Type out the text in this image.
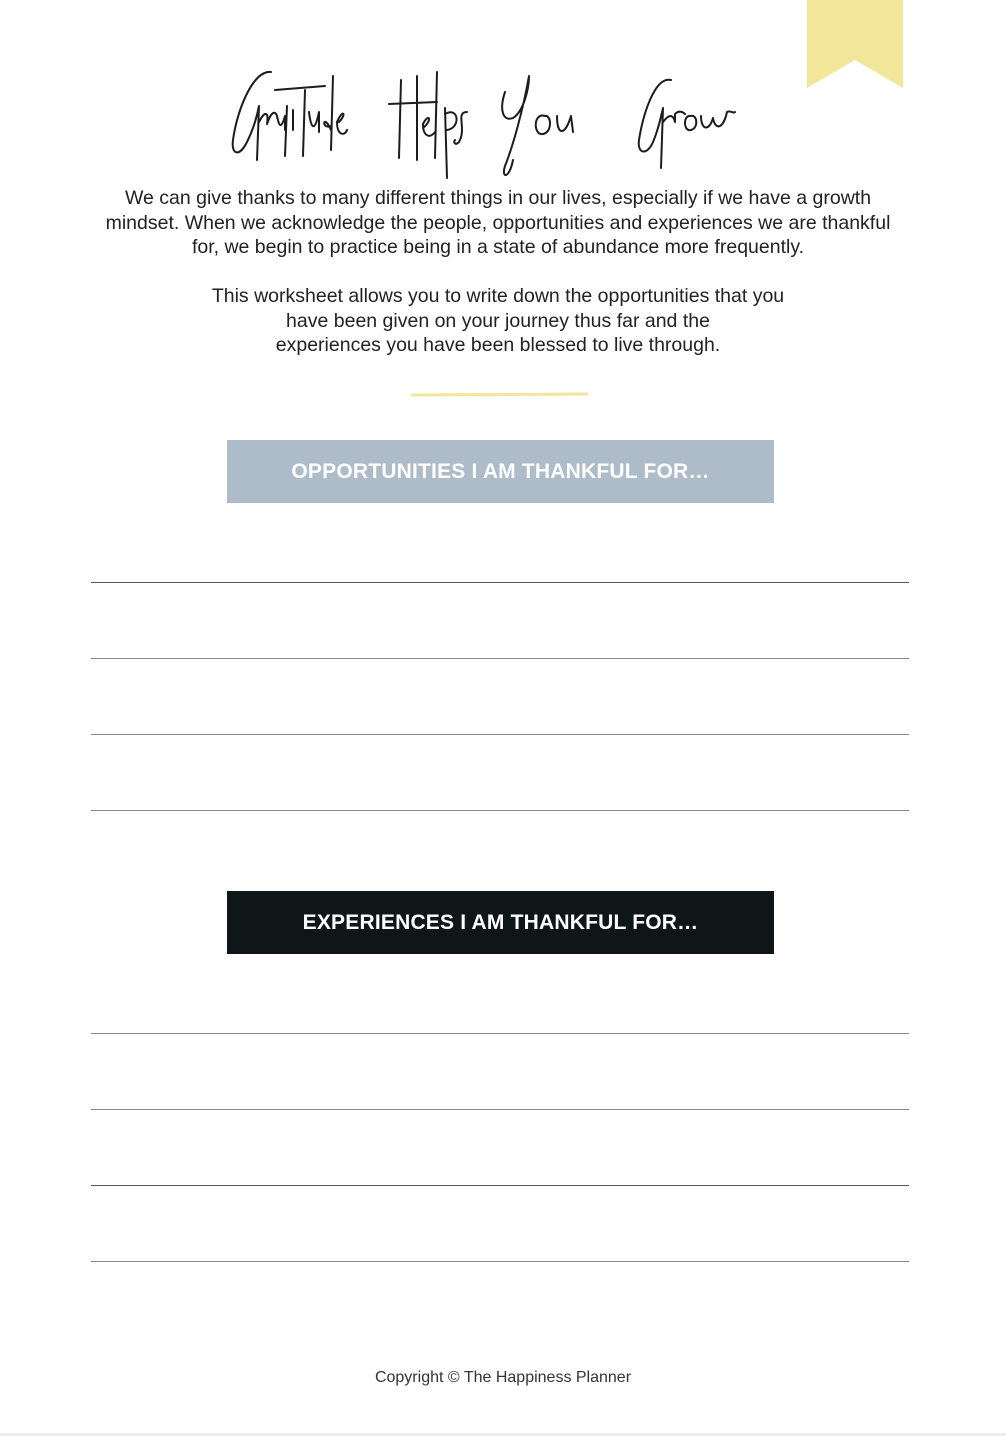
We can give thanks to many different things in our lives, especially if we have a growth mindset. When we acknowledge the people, opportunities and experiences we are thankful for, we begin to practice being in a state of abundance more frequently.

This worksheet allows you to write down the opportunities that you
have been given on your journey thus far and the
experiences you have been blessed to live through.

OPPORTUNITIES I AM THANKFUL FOR…
EXPERIENCES I AM THANKFUL FOR…
Copyright © The Happiness Planner
